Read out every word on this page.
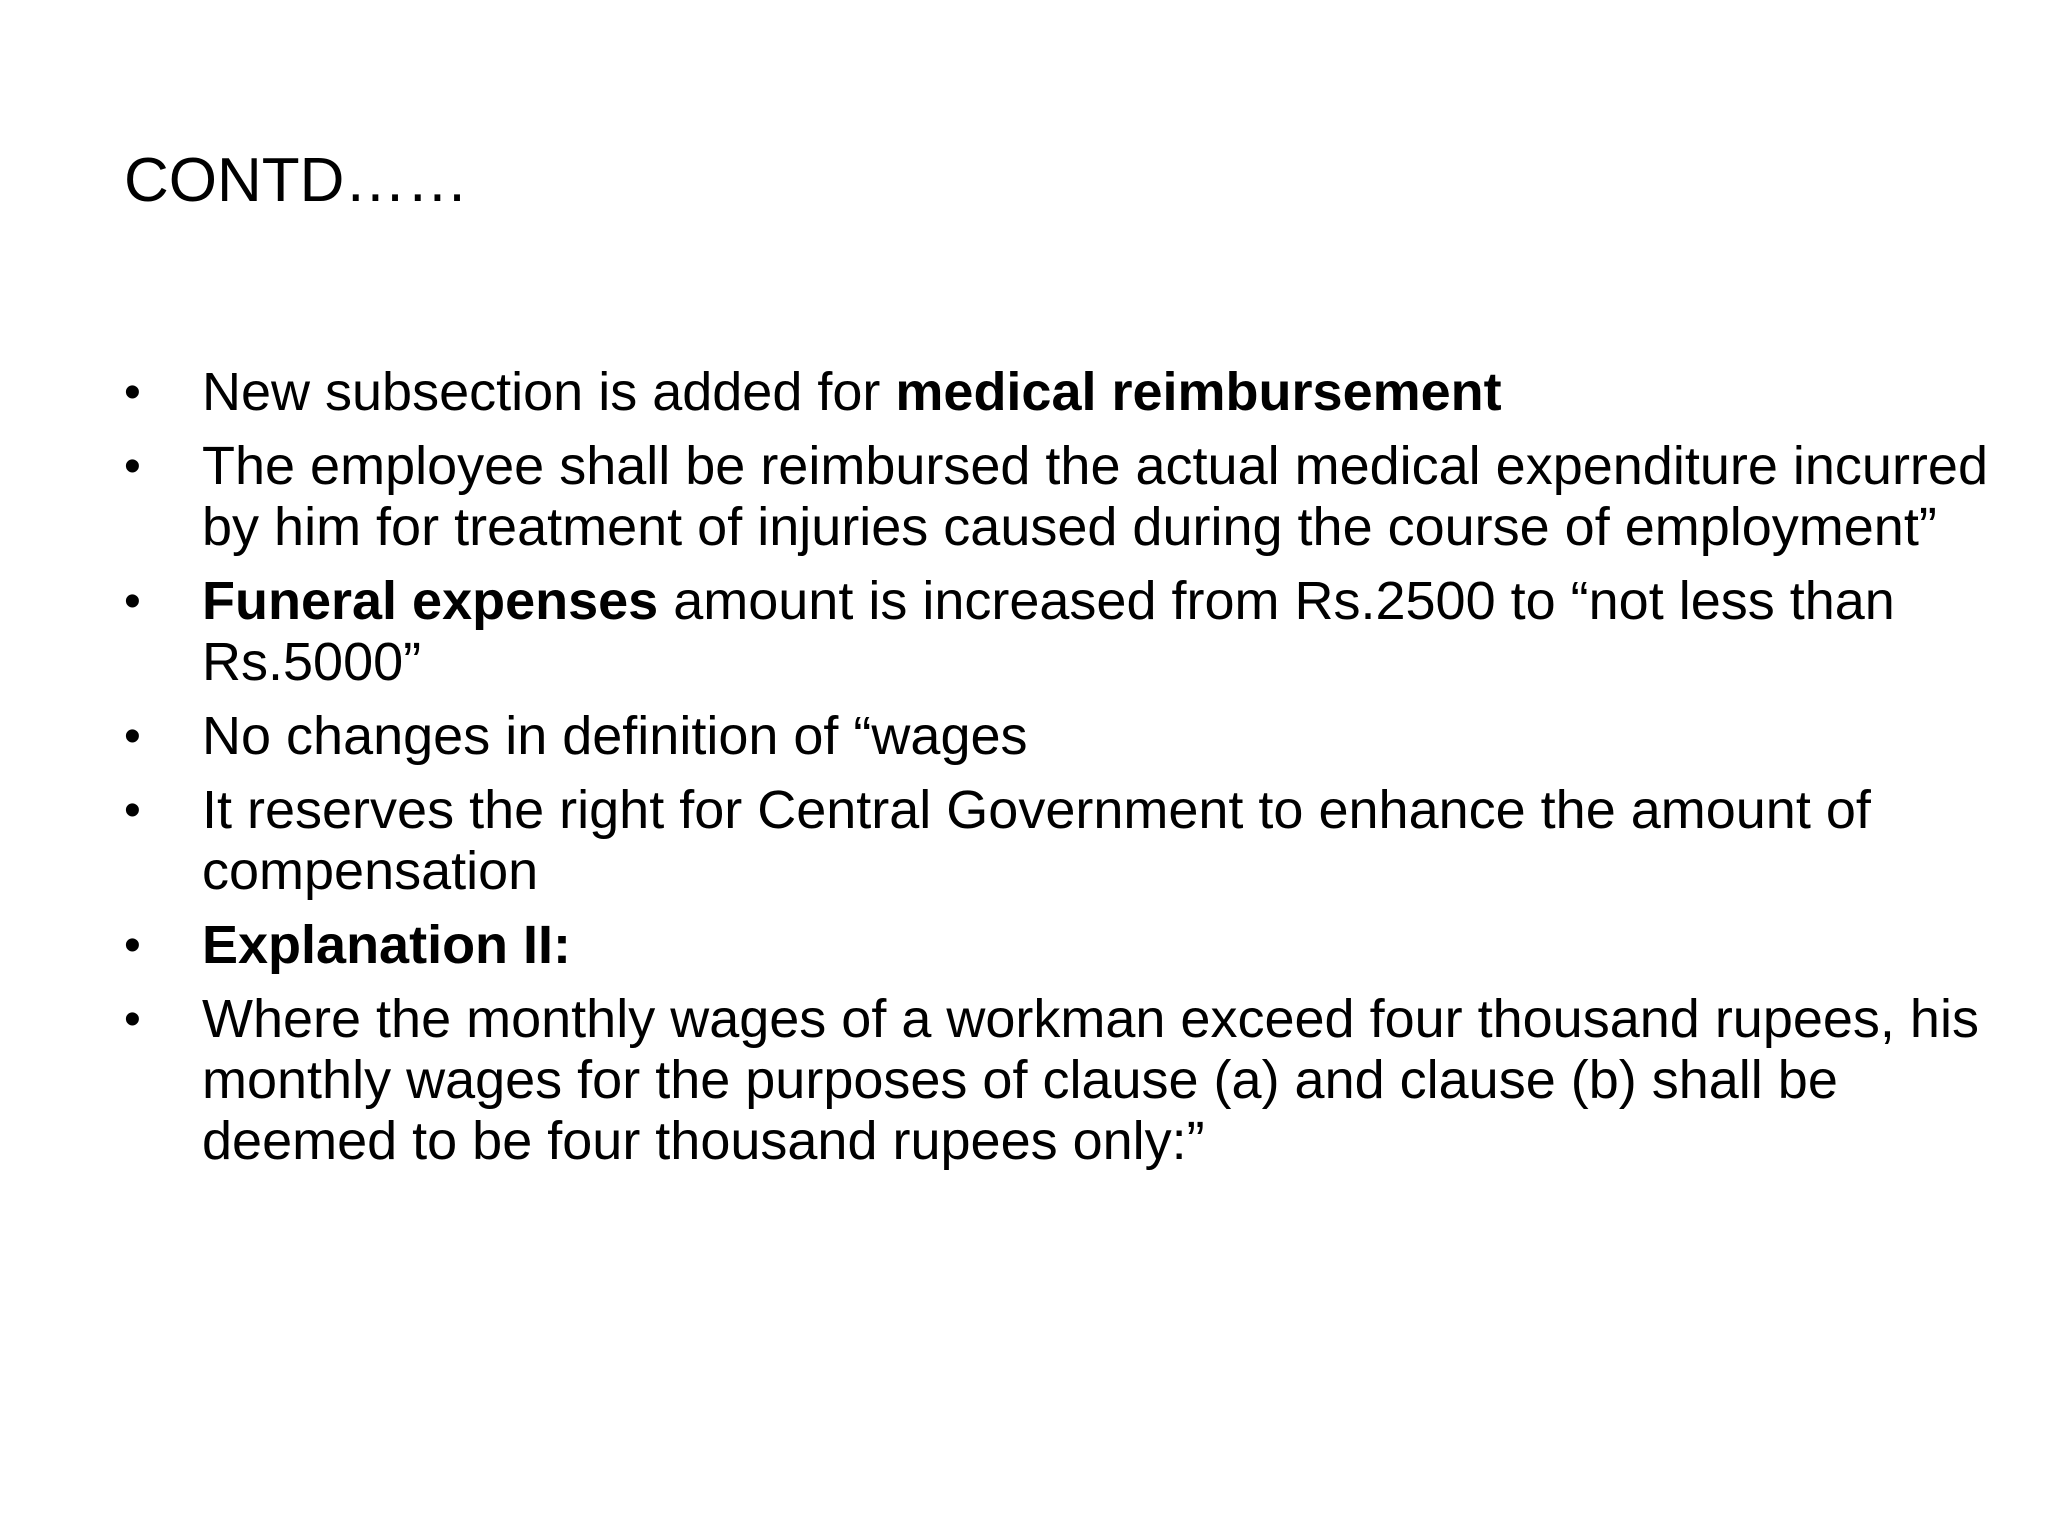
CONTD……
•	New subsection is added for medical reimbursement
•	The employee shall be reimbursed the actual medical expenditure incurred by him for treatment of injuries caused during the course of employment”
•	Funeral expenses amount is increased from Rs.2500 to “not less than Rs.5000”
•	No changes in definition of “wages
•	It reserves the right for Central Government to enhance the amount of compensation
•	Explanation II:
•	Where the monthly wages of a workman exceed four thousand rupees, his monthly wages for the purposes of clause (a) and clause (b) shall be deemed to be four thousand rupees only:”
